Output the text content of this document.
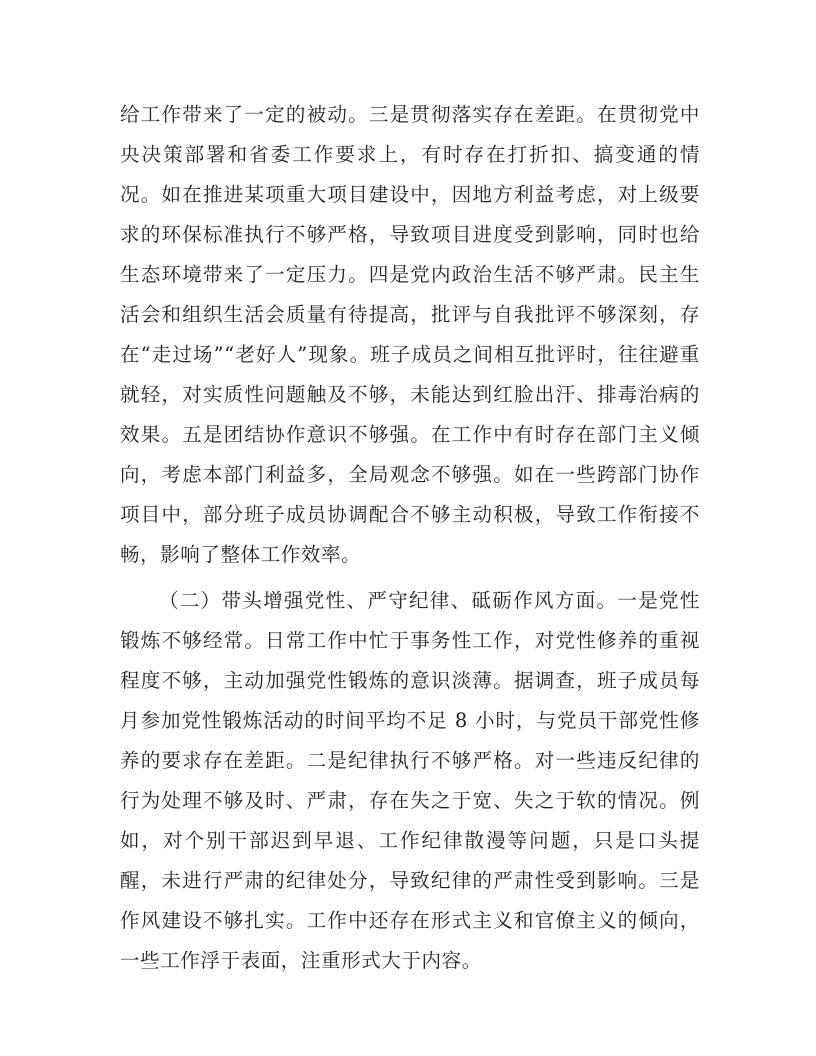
给工作带来了一定的被动。三是贯彻落实存在差距。在贯彻党中央决策部署和省委工作要求上，有时存在打折扣、搞变通的情况。如在推进某项重大项目建设中，因地方利益考虑，对上级要求的环保标准执行不够严格，导致项目进度受到影响，同时也给生态环境带来了一定压力。四是党内政治生活不够严肃。民主生活会和组织生活会质量有待提高，批评与自我批评不够深刻，存在“走过场”“老好人”现象。班子成员之间相互批评时，往往避重就轻，对实质性问题触及不够，未能达到红脸出汗、排毒治病的效果。五是团结协作意识不够强。在工作中有时存在部门主义倾向，考虑本部门利益多，全局观念不够强。如在一些跨部门协作项目中，部分班子成员协调配合不够主动积极，导致工作衔接不畅，影响了整体工作效率。

（二）带头增强党性、严守纪律、砥砺作风方面。一是党性锻炼不够经常。日常工作中忙于事务性工作，对党性修养的重视程度不够，主动加强党性锻炼的意识淡薄。据调查，班子成员每月参加党性锻炼活动的时间平均不足 8 小时，与党员干部党性修养的要求存在差距。二是纪律执行不够严格。对一些违反纪律的行为处理不够及时、严肃，存在失之于宽、失之于软的情况。例如，对个别干部迟到早退、工作纪律散漫等问题，只是口头提醒，未进行严肃的纪律处分，导致纪律的严肃性受到影响。三是作风建设不够扎实。工作中还存在形式主义和官僚主义的倾向，一些工作浮于表面，注重形式大于内容。
